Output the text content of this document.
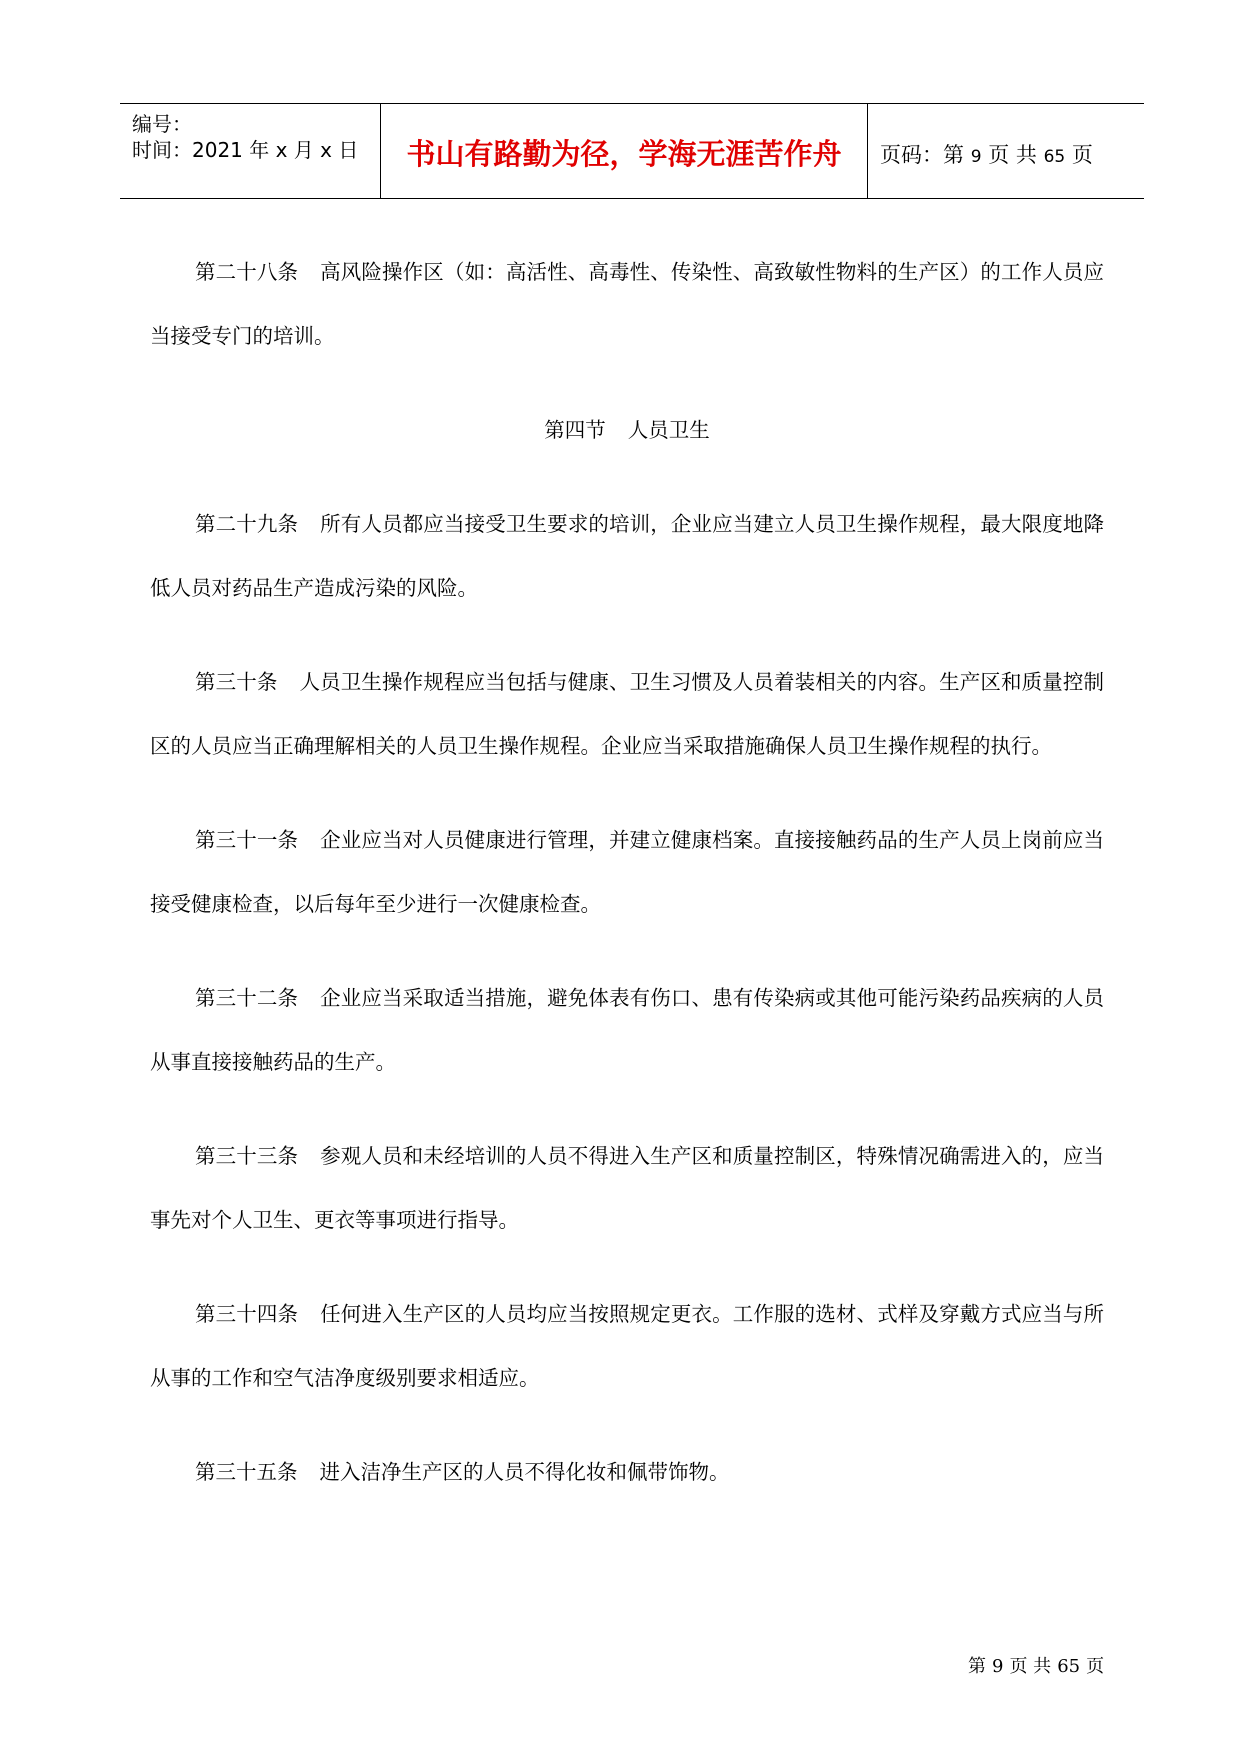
编号：
时间：2021 年 x 月 x 日	书山有路勤为径，学海无涯苦作舟	页码：第 9 页 共 65 页

第二十八条 高风险操作区（如：高活性、高毒性、传染性、高致敏性物料的生产区）的工作人员应当接受专门的培训。

第四节 人员卫生

第二十九条 所有人员都应当接受卫生要求的培训，企业应当建立人员卫生操作规程，最大限度地降低人员对药品生产造成污染的风险。

第三十条 人员卫生操作规程应当包括与健康、卫生习惯及人员着装相关的内容。生产区和质量控制区的人员应当正确理解相关的人员卫生操作规程。企业应当采取措施确保人员卫生操作规程的执行。

第三十一条 企业应当对人员健康进行管理，并建立健康档案。直接接触药品的生产人员上岗前应当接受健康检查，以后每年至少进行一次健康检查。

第三十二条 企业应当采取适当措施，避免体表有伤口、患有传染病或其他可能污染药品疾病的人员从事直接接触药品的生产。

第三十三条 参观人员和未经培训的人员不得进入生产区和质量控制区，特殊情况确需进入的，应当事先对个人卫生、更衣等事项进行指导。

第三十四条 任何进入生产区的人员均应当按照规定更衣。工作服的选材、式样及穿戴方式应当与所从事的工作和空气洁净度级别要求相适应。

第三十五条 进入洁净生产区的人员不得化妆和佩带饰物。

第 9 页 共 65 页
